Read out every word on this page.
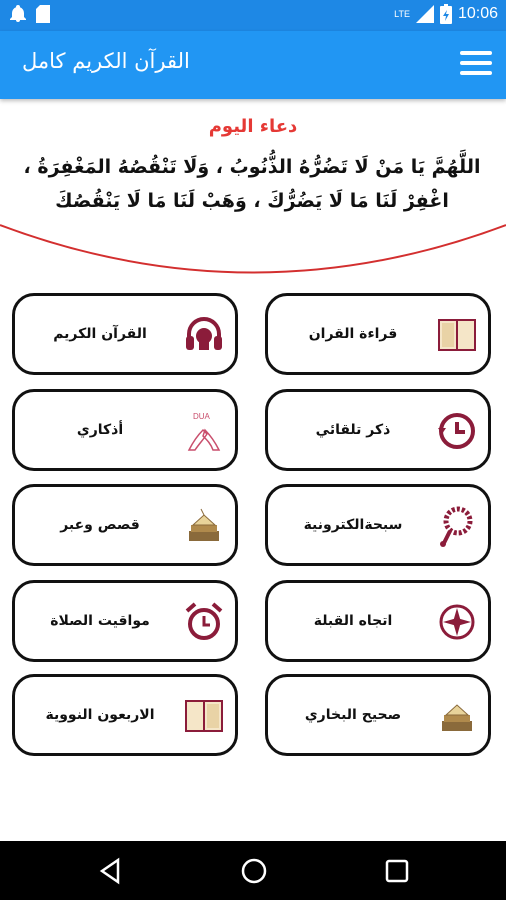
LTE	10:06
القرآن الكريم كامل
دعاء اليوم
اللَّهُمَّ يَا مَنْ لَا تَضُرُّهُ الذُّنُوبُ ، وَلَا تَنْقُصُهُ المَغْفِرَةُ ، اغْفِرْ لَنَا مَا لَا يَضُرُّكَ ، وَهَبْ لَنَا مَا لَا يَنْقُصُكَ
قراءة القران
القرآن الكريم
ذكر تلقائي
DUA
أذكاري
سبحةالكترونية
قصص وعبر
اتجاه القبلة
مواقيت الصلاة
صحيح البخاري
الاربعون النووية
